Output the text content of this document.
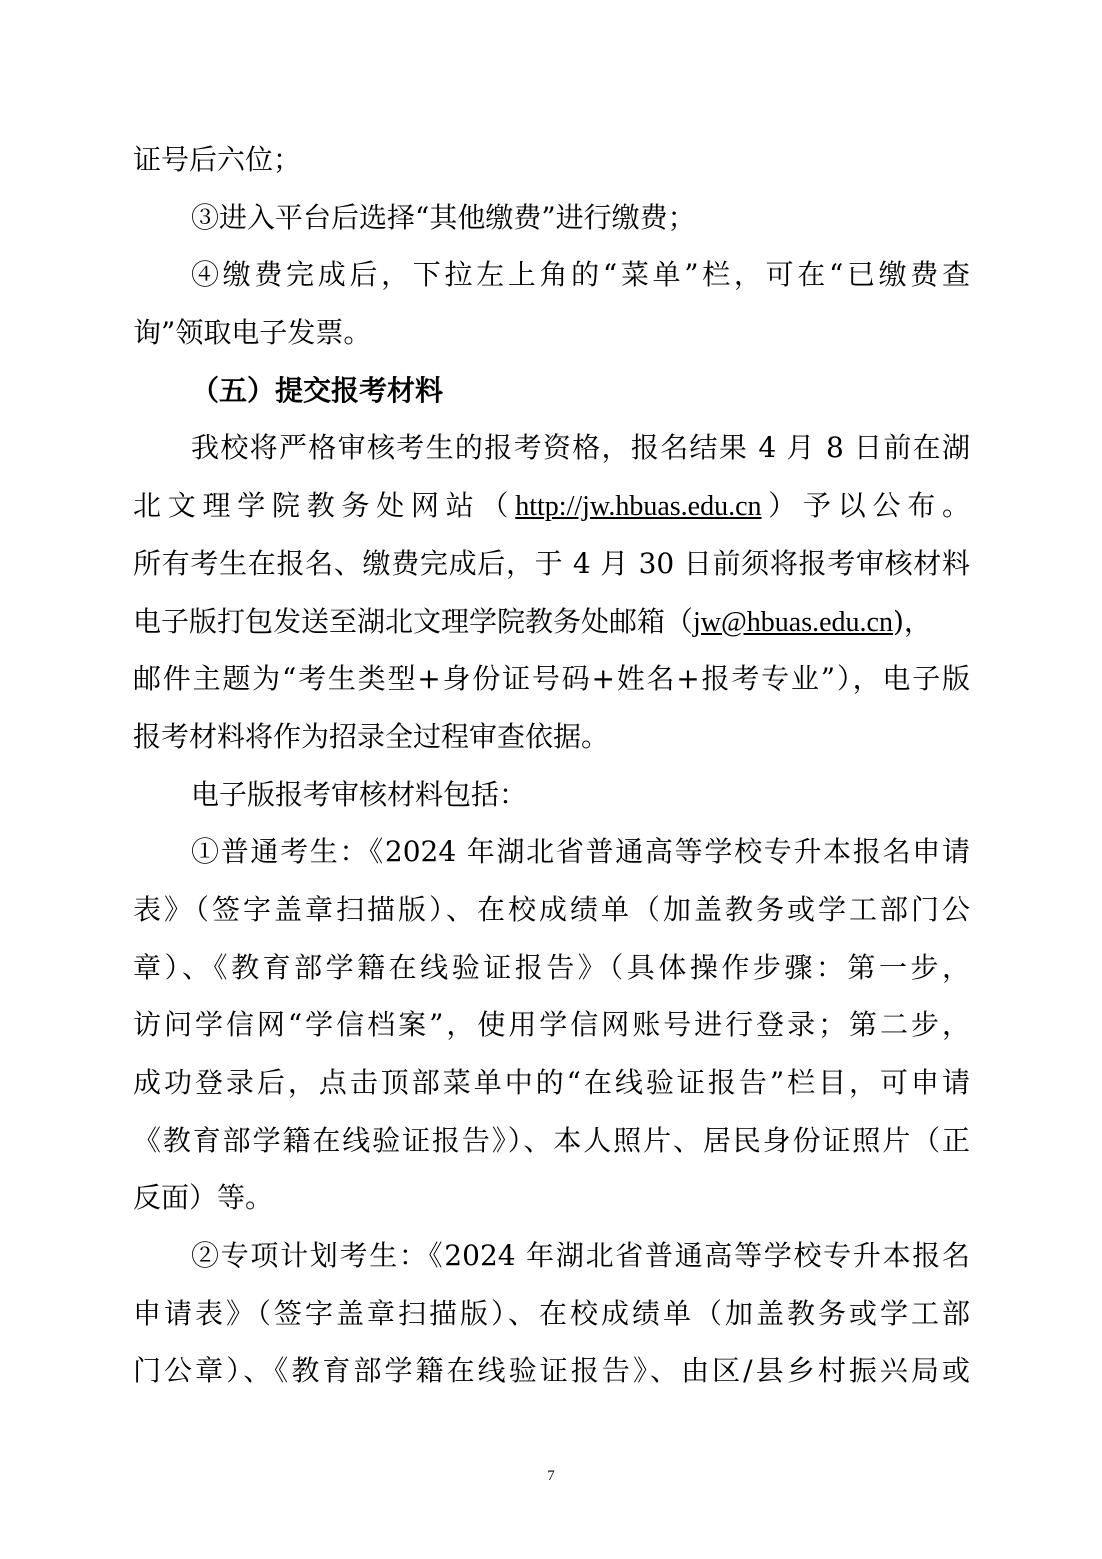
证号后六位；
③进入平台后选择“其他缴费”进行缴费；
④缴费完成后，下拉左上角的“菜单”栏，可在“已缴费查
询”领取电子发票。
（五）提交报考材料
我校将严格审核考生的报考资格，报名结果 4 月 8 日前在湖
北文理学院教务处网站（http://jw.hbuas.edu.cn）予以公布。
所有考生在报名、缴费完成后，于 4 月 30 日前须将报考审核材料
电子版打包发送至湖北文理学院教务处邮箱（jw@hbuas.edu.cn)，
邮件主题为“考生类型+身份证号码+姓名+报考专业”），电子版
报考材料将作为招录全过程审查依据。
电子版报考审核材料包括：
①普通考生：《2024 年湖北省普通高等学校专升本报名申请
表》（签字盖章扫描版）、在校成绩单（加盖教务或学工部门公
章）、《教育部学籍在线验证报告》（具体操作步骤：第一步，
访问学信网“学信档案”，使用学信网账号进行登录；第二步，
成功登录后，点击顶部菜单中的“在线验证报告”栏目，可申请
《教育部学籍在线验证报告》）、本人照片、居民身份证照片（正
反面）等。
②专项计划考生：《2024 年湖北省普通高等学校专升本报名
申请表》（签字盖章扫描版）、在校成绩单（加盖教务或学工部
门公章）、《教育部学籍在线验证报告》、由区/县乡村振兴局或
7
